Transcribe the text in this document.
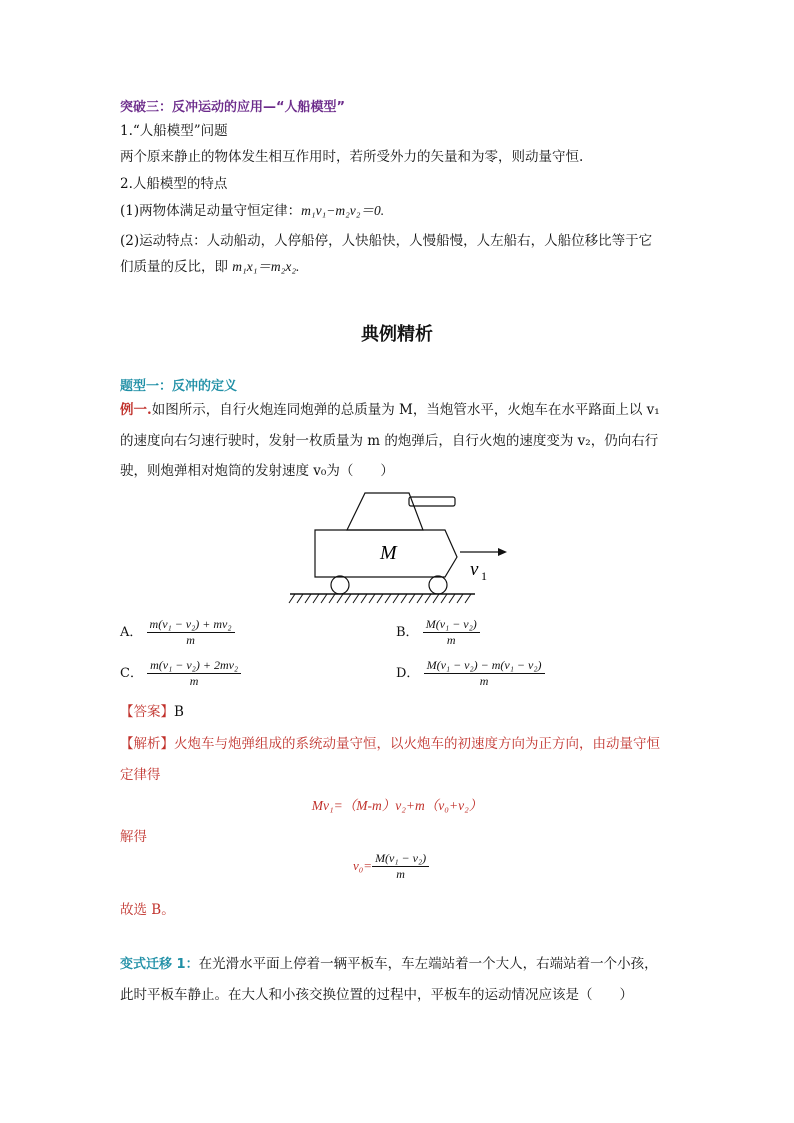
突破三：反冲运动的应用—“人船模型”
1.“人船模型”问题
两个原来静止的物体发生相互作用时，若所受外力的矢量和为零，则动量守恒.
2.人船模型的特点
(1)两物体满足动量守恒定律：m₁v₁−m₂v₂＝0.
(2)运动特点：人动船动，人停船停，人快船快，人慢船慢，人左船右，人船位移比等于它
们质量的反比，即 m₁x₁＝m₂x₂.
典例精析
题型一：反冲的定义
例一.如图所示，自行火炮连同炮弹的总质量为 M，当炮管水平，火炮车在水平路面上以 v₁
的速度向右匀速行驶时，发射一枚质量为 m 的炮弹后，自行火炮的速度变为 v₂，仍向右行
驶，则炮弹相对炮筒的发射速度 v₀为（　　）
M
v 1
A． $\frac{\text{m(v₁ − v₂) + mv₂}}{m}$	B． $\frac{\text{M(v₁ − v₂)}}{m}$
C． $\frac{\text{m(v₁ − v₂) + 2mv₂}}{m}$	D． $\frac{\text{M(v₁ − v₂) − m(v₁ − v₂)}}{m}$
【答案】B
【解析】火炮车与炮弹组成的系统动量守恒，以火炮车的初速度方向为正方向，由动量守恒
定律得
Mv₁=（M-m）v₂+m（v₀+v₂）
解得
$v_0= \frac{\text{M(v₁ − v₂)}}{m}$
故选 B。
变式迁移 1：在光滑水平面上停着一辆平板车，车左端站着一个大人，右端站着一个小孩，
此时平板车静止。在大人和小孩交换位置的过程中，平板车的运动情况应该是（　　）
